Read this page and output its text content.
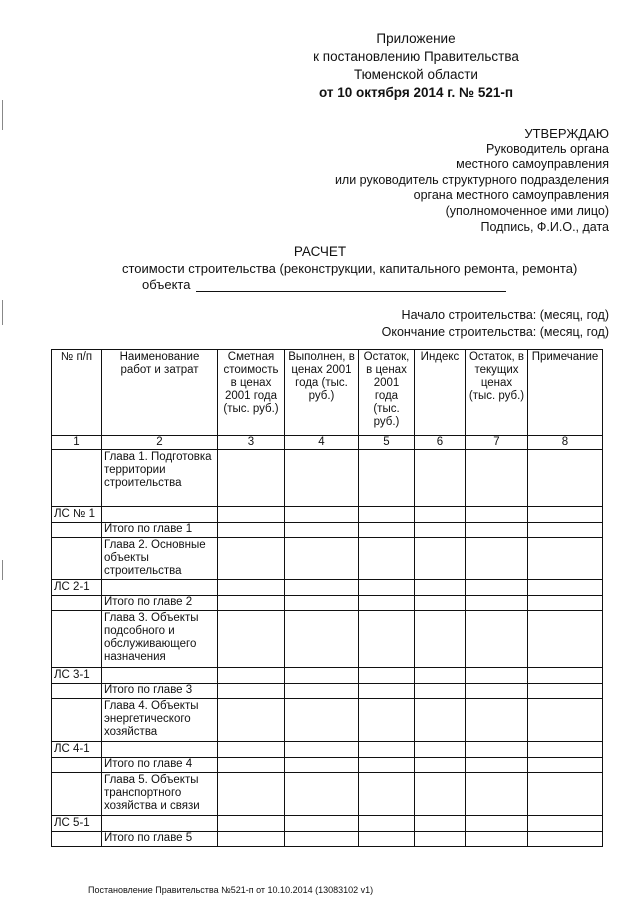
Приложение
к постановлению Правительства
Тюменской области
от 10 октября 2014 г. № 521-п
УТВЕРЖДАЮ
Руководитель органа
местного самоуправления
или руководитель структурного подразделения
органа местного самоуправления
(уполномоченное ими лицо)
Подпись, Ф.И.О., дата
РАСЧЕТ
стоимости строительства (реконструкции, капитального ремонта, ремонта)
объекта
Начало строительства: (месяц, год)
Окончание строительства: (месяц, год)
№ п/п	Наименование работ и затрат	Сметная стоимость в ценах 2001 года (тыс. руб.)	Выполнен, в ценах 2001 года (тыс. руб.)	Остаток, в ценах 2001 года (тыс. руб.)	Индекс	Остаток, в текущих ценах (тыс. руб.)	Примечание
1	2	3	4	5	6	7	8
	Глава 1. Подготовка территории строительства						
ЛС № 1							
	Итого по главе 1						
	Глава 2. Основные объекты строительства						
ЛС 2-1							
	Итого по главе 2						
	Глава 3. Объекты подсобного и обслуживающего назначения						
ЛС 3-1							
	Итого по главе 3						
	Глава 4. Объекты энергетического хозяйства						
ЛС 4-1							
	Итого по главе 4						
	Глава 5. Объекты транспортного хозяйства и связи						
ЛС 5-1							
	Итого по главе 5						
Постановление Правительства №521-п от 10.10.2014 (13083102 v1)
